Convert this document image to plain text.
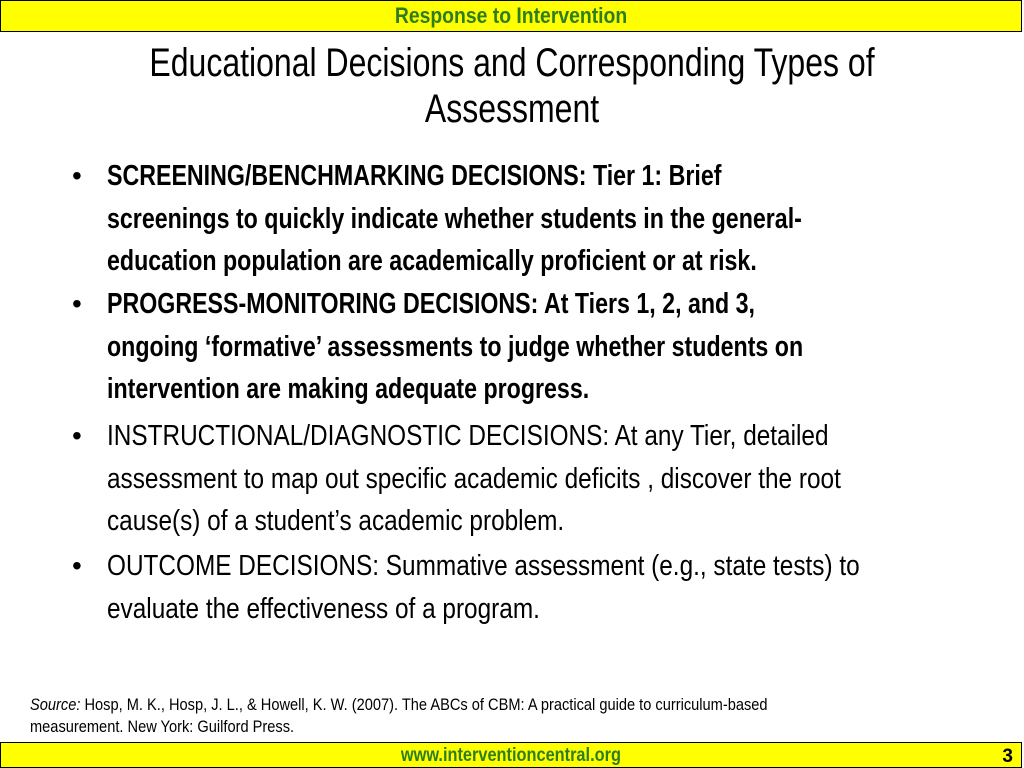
Response to Intervention
Educational Decisions and Corresponding Types of
Assessment
• SCREENING/BENCHMARKING DECISIONS: Tier 1: Brief
screenings to quickly indicate whether students in the general-
education population are academically proficient or at risk.
• PROGRESS-MONITORING DECISIONS: At Tiers 1, 2, and 3,
ongoing ‘formative’ assessments to judge whether students on
intervention are making adequate progress.
• INSTRUCTIONAL/DIAGNOSTIC DECISIONS: At any Tier, detailed
assessment to map out specific academic deficits , discover the root
cause(s) of a student’s academic problem.
• OUTCOME DECISIONS: Summative assessment (e.g., state tests) to
evaluate the effectiveness of a program.
Source: Hosp, M. K., Hosp, J. L., & Howell, K. W. (2007). The ABCs of CBM: A practical guide to curriculum-based
measurement. New York: Guilford Press.
www.interventioncentral.org	3
